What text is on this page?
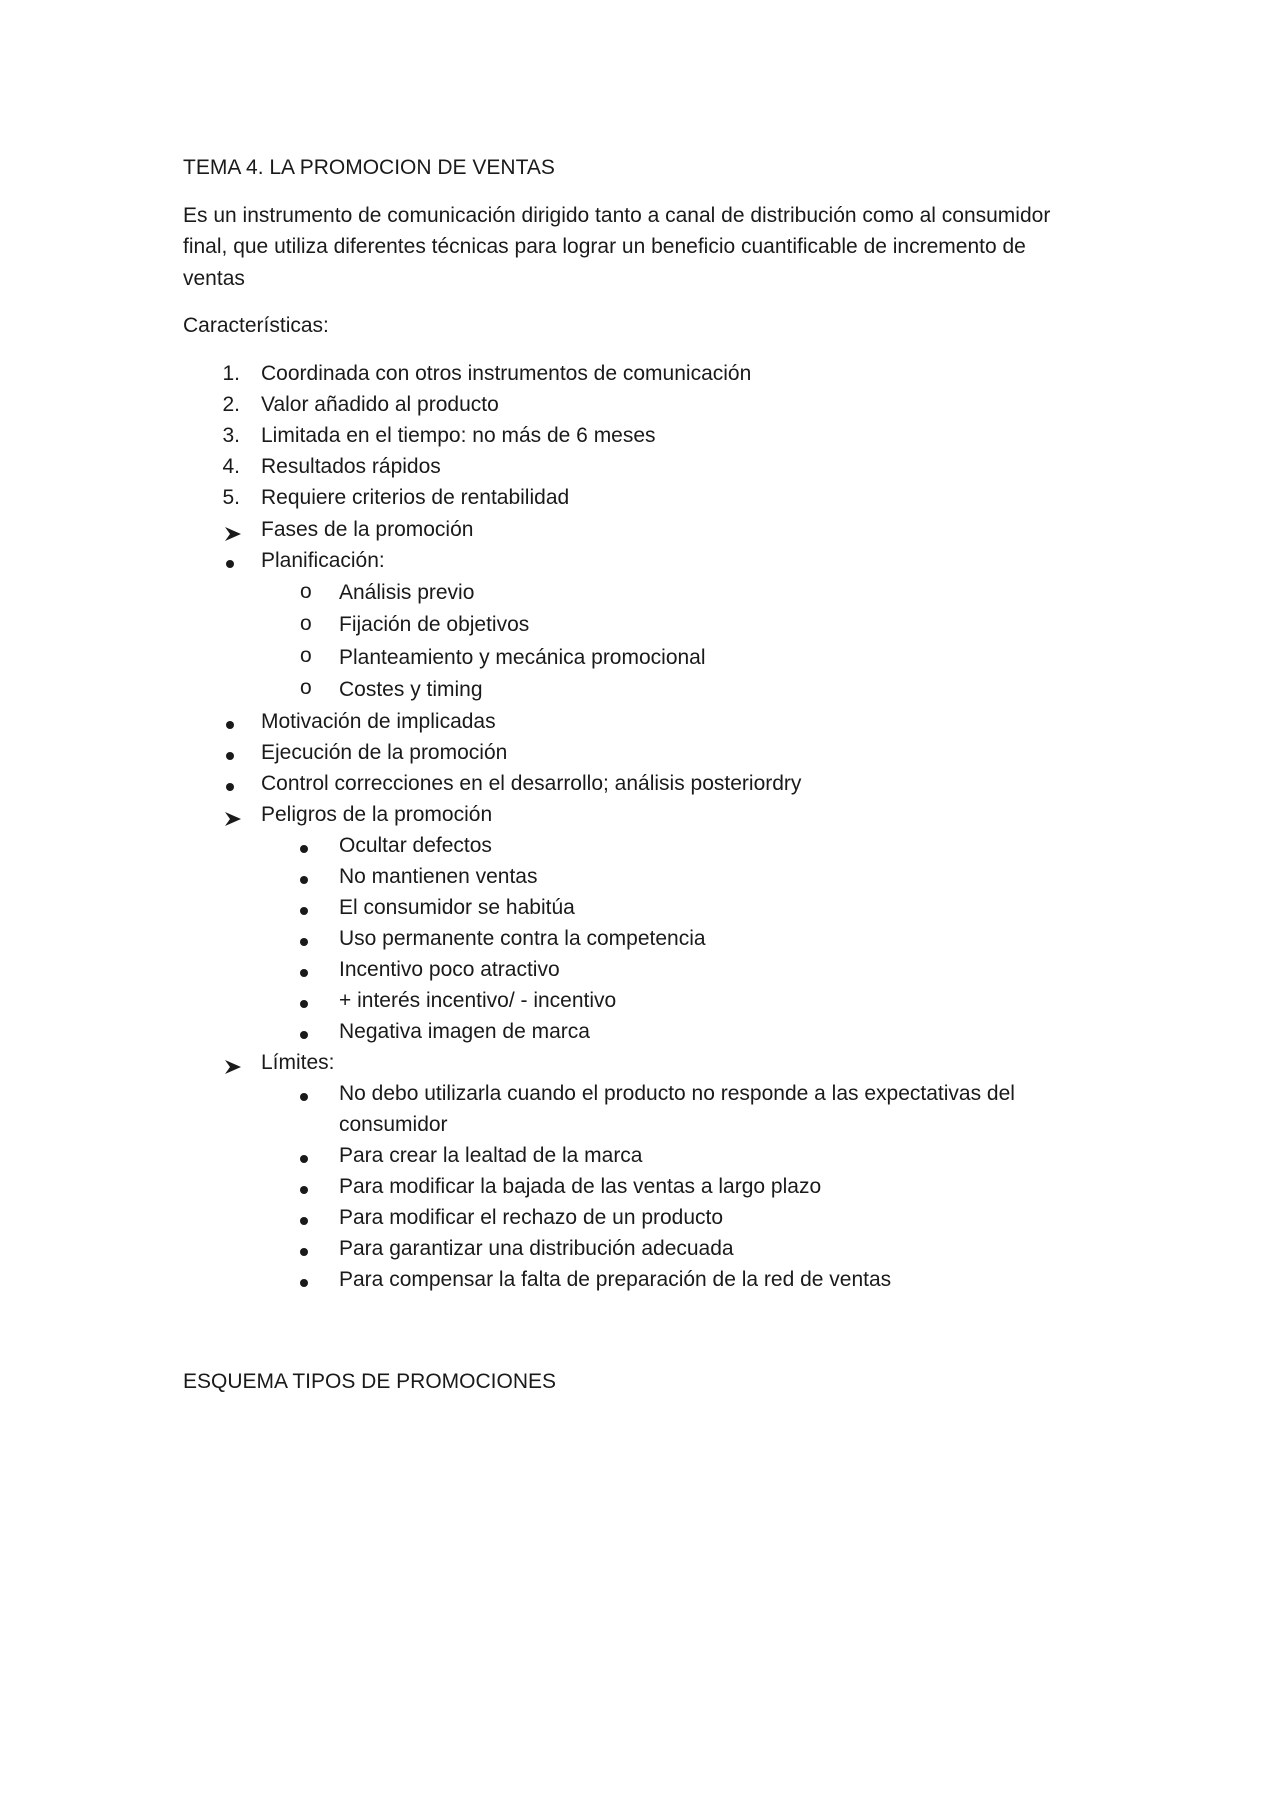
TEMA 4. LA PROMOCION DE VENTAS
Es un instrumento de comunicación dirigido tanto a canal de distribución como al consumidor
final, que utiliza diferentes técnicas para lograr un beneficio cuantificable de incremento de
ventas
Características:
1. Coordinada con otros instrumentos de comunicación
2. Valor añadido al producto
3. Limitada en el tiempo: no más de 6 meses
4. Resultados rápidos
5. Requiere criterios de rentabilidad
Fases de la promoción
Planificación:
o Análisis previo
o Fijación de objetivos
o Planteamiento y mecánica promocional
o Costes y timing
Motivación de implicadas
Ejecución de la promoción
Control correcciones en el desarrollo; análisis posteriordry
Peligros de la promoción
Ocultar defectos
No mantienen ventas
El consumidor se habitúa
Uso permanente contra la competencia
Incentivo poco atractivo
+ interés incentivo/ - incentivo
Negativa imagen de marca
Límites:
No debo utilizarla cuando el producto no responde a las expectativas del
consumidor
Para crear la lealtad de la marca
Para modificar la bajada de las ventas a largo plazo
Para modificar el rechazo de un producto
Para garantizar una distribución adecuada
Para compensar la falta de preparación de la red de ventas
ESQUEMA TIPOS DE PROMOCIONES
